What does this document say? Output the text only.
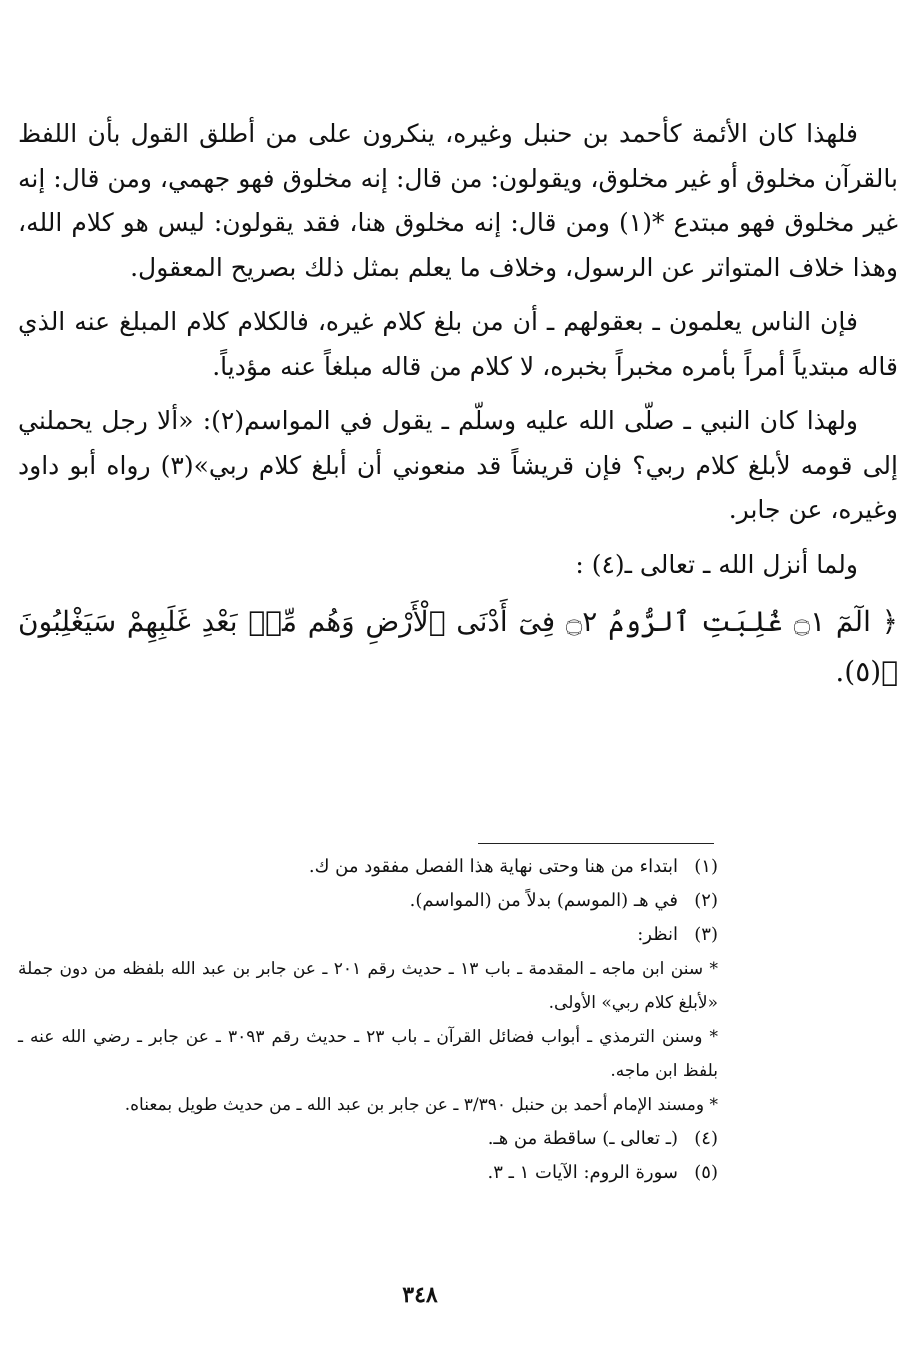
فلهذا كان الأئمة كأحمد بن حنبل وغيره، ينكرون على من أطلق القول بأن اللفظ بالقرآن مخلوق أو غير مخلوق، ويقولون: من قال: إنه مخلوق فهو جهمي، ومن قال: إنه غير مخلوق فهو مبتدع *(١) ومن قال: إنه مخلوق هنا، فقد يقولون: ليس هو كلام الله، وهذا خلاف المتواتر عن الرسول، وخلاف ما يعلم بمثل ذلك بصريح المعقول.

فإن الناس يعلمون ـ بعقولهم ـ أن من بلغ كلام غيره، فالكلام كلام المبلغ عنه الذي قاله مبتدياً أمراً بأمره مخبراً بخبره، لا كلام من قاله مبلغاً عنه مؤدياً.

ولهذا كان النبي ـ صلّى الله عليه وسلّم ـ يقول في المواسم(٢): «ألا رجل يحملني إلى قومه لأبلغ كلام ربي؟ فإن قريشاً قد منعوني أن أبلغ كلام ربي»(٣) رواه أبو داود وغيره، عن جابر.

ولما أنزل الله ـ تعالى ـ(٤) :

﴿ الٓمٓ ۝١ غُلِبَتِ ٱلرُّومُ ۝٢ فِىٓ أَدْنَى ٱلْأَرْضِ وَهُم مِّنۢ بَعْدِ غَلَبِهِمْ سَيَغْلِبُونَ ﴾(٥).

(١)
ابتداء من هنا وحتى نهاية هذا الفصل مفقود من ك.
(٢)
في هـ (الموسم) بدلاً من (المواسم).
(٣)
انظر:

* سنن ابن ماجه ـ المقدمة ـ باب ١٣ ـ حديث رقم ٢٠١ ـ عن جابر بن عبد الله بلفظه من دون جملة «لأبلغ كلام ربي» الأولى.

* وسنن الترمذي ـ أبواب فضائل القرآن ـ باب ٢٣ ـ حديث رقم ٣٠٩٣ ـ عن جابر ـ رضي الله عنه ـ بلفظ ابن ماجه.

* ومسند الإمام أحمد بن حنبل ٣/٣٩٠ ـ عن جابر بن عبد الله ـ من حديث طويل بمعناه.

(٤)
(ـ تعالى ـ) ساقطة من هـ.
(٥)
سورة الروم: الآيات ١ ـ ٣.
٣٤٨
